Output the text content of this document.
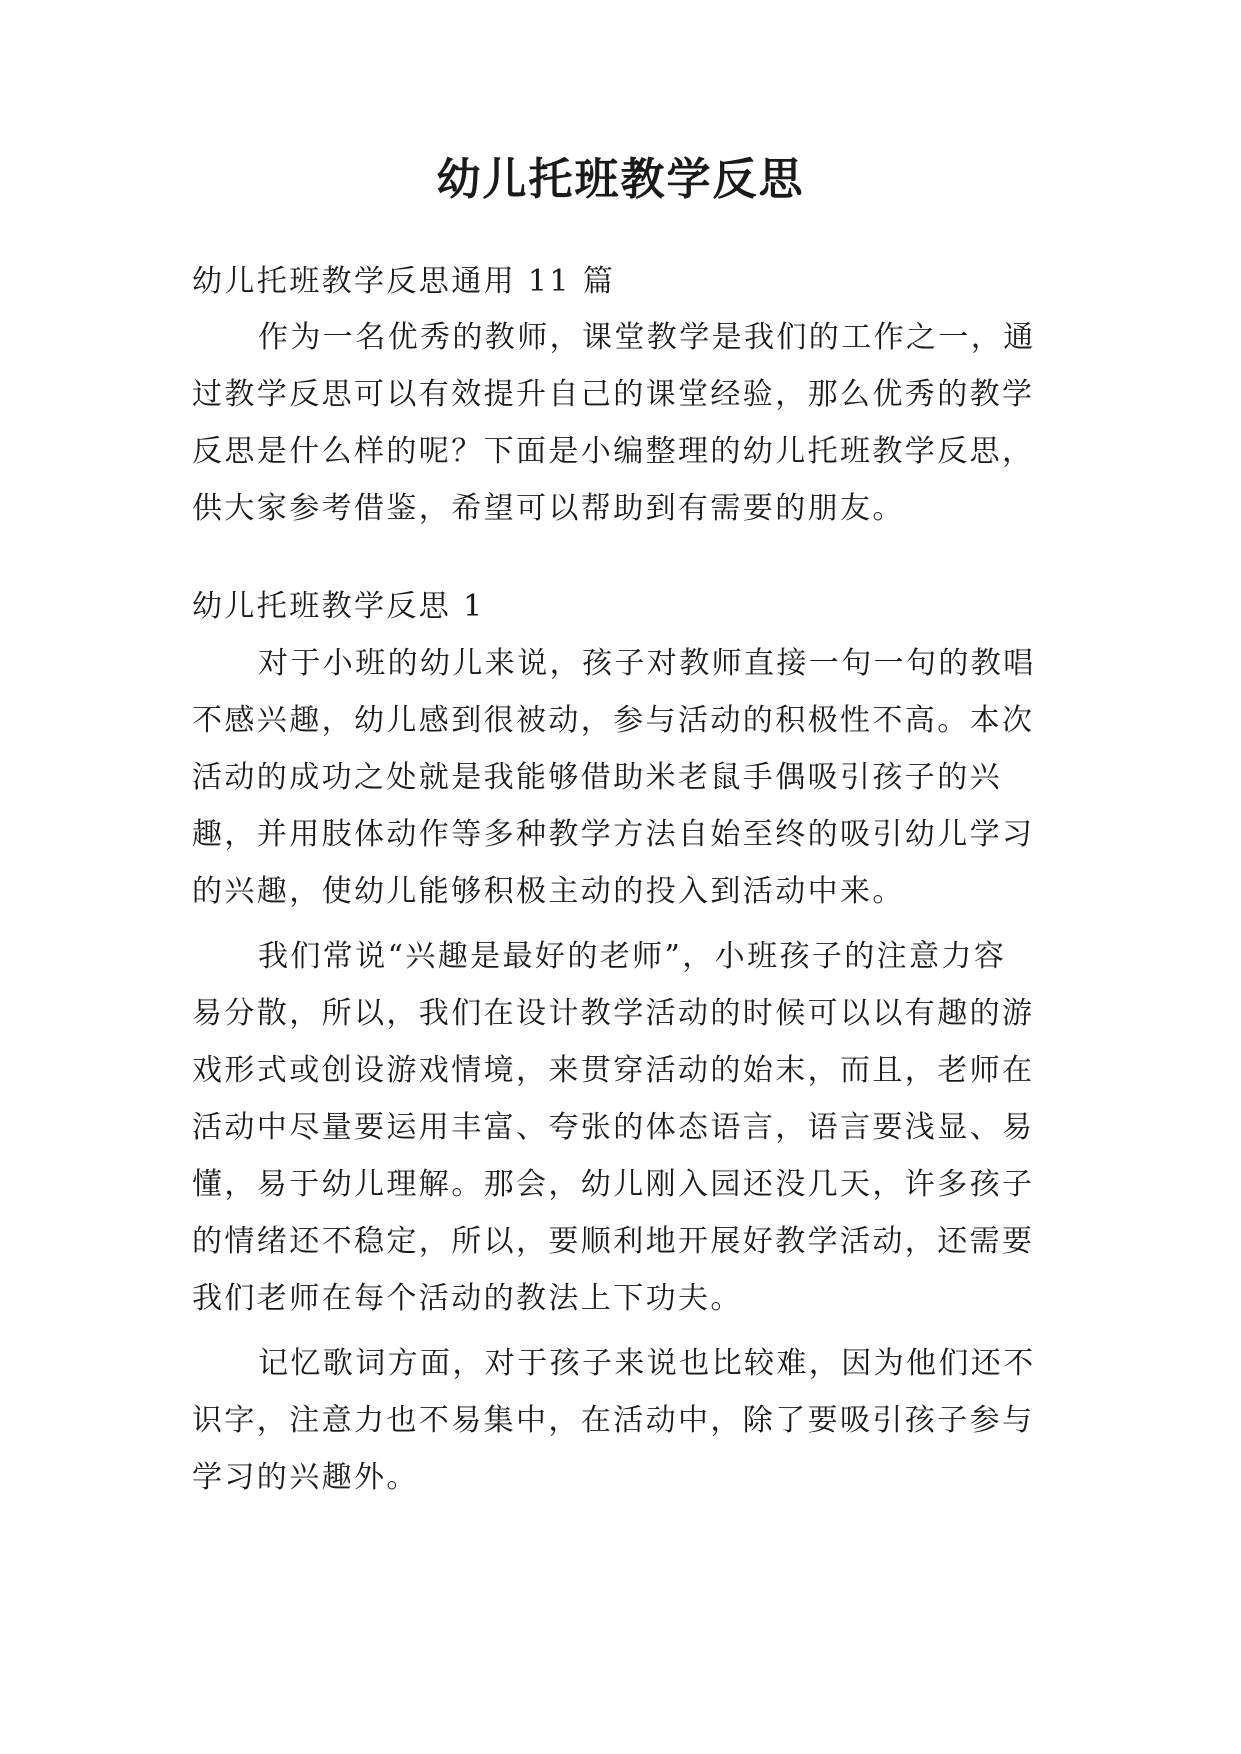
幼儿托班教学反思
幼儿托班教学反思通用 11 篇
作为一名优秀的教师，课堂教学是我们的工作之一，通
过教学反思可以有效提升自己的课堂经验，那么优秀的教学
反思是什么样的呢？下面是小编整理的幼儿托班教学反思，
供大家参考借鉴，希望可以帮助到有需要的朋友。
幼儿托班教学反思 1
对于小班的幼儿来说，孩子对教师直接一句一句的教唱
不感兴趣，幼儿感到很被动，参与活动的积极性不高。本次
活动的成功之处就是我能够借助米老鼠手偶吸引孩子的兴
趣，并用肢体动作等多种教学方法自始至终的吸引幼儿学习
的兴趣，使幼儿能够积极主动的投入到活动中来。
我们常说“兴趣是最好的老师”，小班孩子的注意力容
易分散，所以，我们在设计教学活动的时候可以以有趣的游
戏形式或创设游戏情境，来贯穿活动的始末，而且，老师在
活动中尽量要运用丰富、夸张的体态语言，语言要浅显、易
懂，易于幼儿理解。那会，幼儿刚入园还没几天，许多孩子
的情绪还不稳定，所以，要顺利地开展好教学活动，还需要
我们老师在每个活动的教法上下功夫。
记忆歌词方面，对于孩子来说也比较难，因为他们还不
识字，注意力也不易集中，在活动中，除了要吸引孩子参与
学习的兴趣外。
